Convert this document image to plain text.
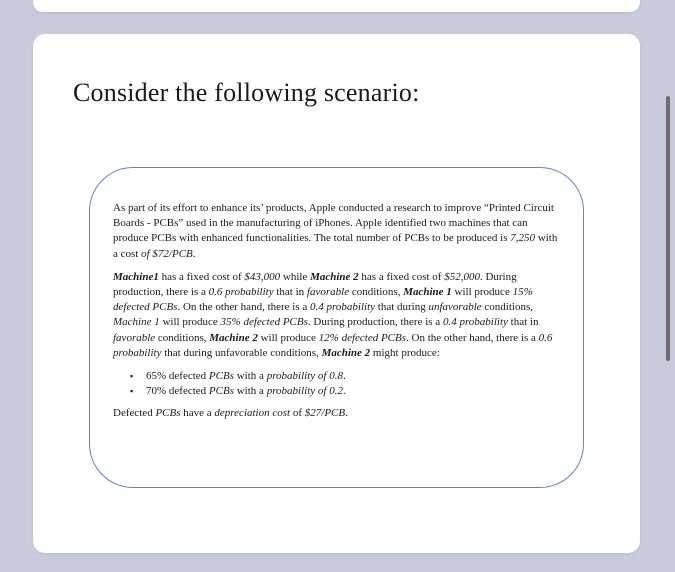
Consider the following scenario:

As part of its effort to enhance its’ products, Apple conducted a research to improve “Printed Circuit Boards - PCBs” used in the manufacturing of iPhones. Apple identified two machines that can produce PCBs with enhanced functionalities. The total number of PCBs to be produced is 7,250 with a cost of $72/PCB.

Machine1 has a fixed cost of $43,000 while Machine 2 has a fixed cost of $52,000. During production, there is a 0.6 probability that in favorable conditions, Machine 1 will produce 15% defected PCBs. On the other hand, there is a 0.4 probability that during unfavorable conditions, Machine 1 will produce 35% defected PCBs. During production, there is a 0.4 probability that in favorable conditions, Machine 2 will produce 12% defected PCBs. On the other hand, there is a 0.6 probability that during unfavorable conditions, Machine 2 might produce:

▪ 65% defected PCBs with a probability of 0.8.
▪ 70% defected PCBs with a probability of 0.2.

Defected PCBs have a depreciation cost of $27/PCB.
